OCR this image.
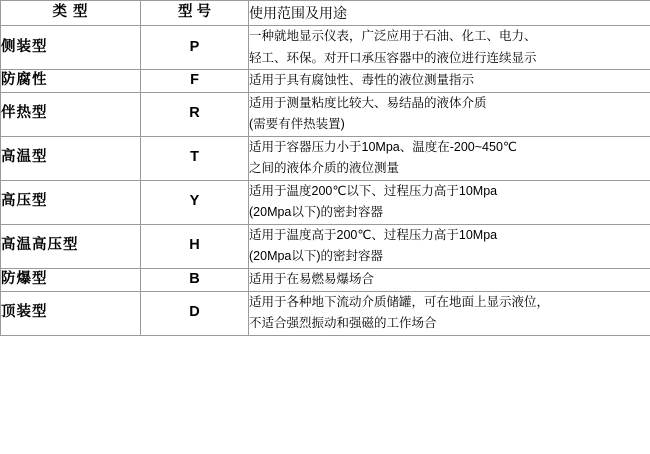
类 型	型 号	使用范围及用途
侧装型	P	一种就地显示仪表，广泛应用于石油、化工、电力、
轻工、环保。对开口承压容器中的液位进行连续显示

防腐性	F	适用于具有腐蚀性、毒性的液位测量指示

伴热型	R	适用于测量粘度比较大、易结晶的液体介质
(需要有伴热装置)

高温型	T	适用于容器压力小于10Mpa、温度在-200~450℃
之间的液体介质的液位测量

高压型	Y	适用于温度200℃以下、过程压力高于10Mpa
(20Mpa以下)的密封容器

高温高压型	H	适用于温度高于200℃、过程压力高于10Mpa
(20Mpa以下)的密封容器

防爆型	B	适用于在易燃易爆场合

顶装型	D	适用于各种地下流动介质储罐，可在地面上显示液位，
不适合强烈振动和强磁的工作场合
